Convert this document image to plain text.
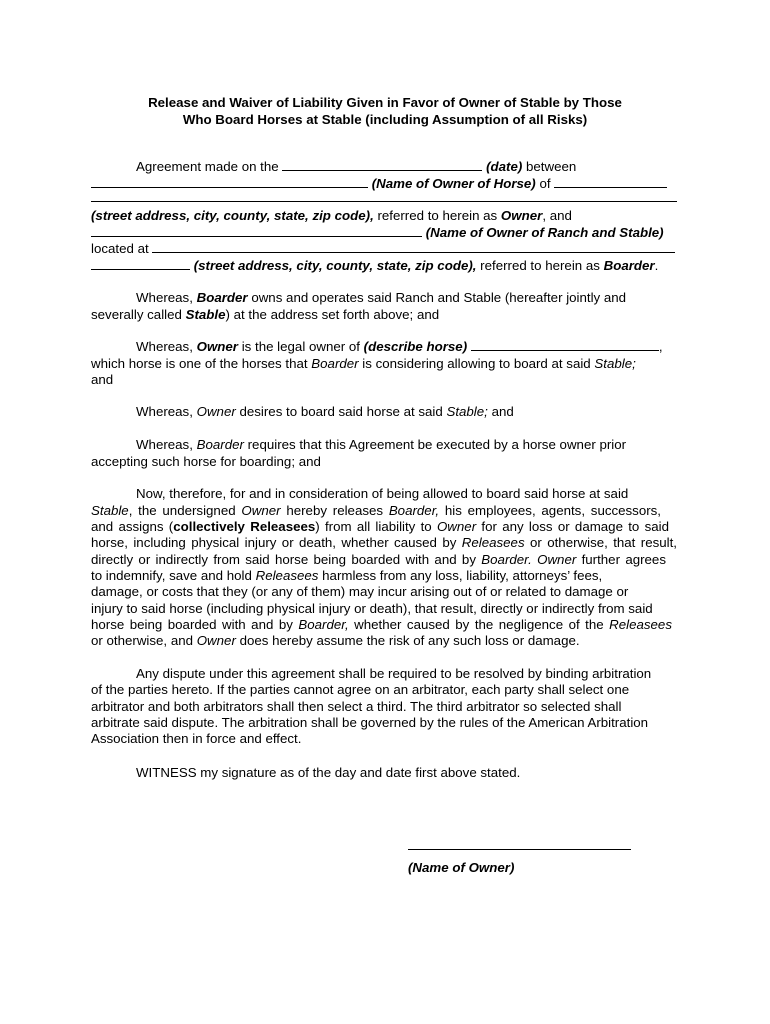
Release and Waiver of Liability Given in Favor of Owner of Stable by Those
Who Board Horses at Stable (including Assumption of all Risks)
Agreement made on the	(date) between
(Name of Owner of Horse) of
(street address, city, county, state, zip code), referred to herein as Owner, and
(Name of Owner of Ranch and Stable)
located at
(street address, city, county, state, zip code), referred to herein as Boarder.
Whereas, Boarder owns and operates said Ranch and Stable (hereafter jointly and
severally called Stable) at the address set forth above; and
Whereas, Owner is the legal owner of (describe horse)	,
which horse is one of the horses that Boarder is considering allowing to board at said Stable;
and
Whereas, Owner desires to board said horse at said Stable; and
Whereas, Boarder requires that this Agreement be executed by a horse owner prior
accepting such horse for boarding; and
Now, therefore, for and in consideration of being allowed to board said horse at said
Stable, the undersigned Owner hereby releases Boarder, his employees, agents, successors,
and assigns (collectively Releasees) from all liability to Owner for any loss or damage to said
horse, including physical injury or death, whether caused by Releasees or otherwise, that result,
directly or indirectly from said horse being boarded with and by Boarder. Owner further agrees
to indemnify, save and hold Releasees harmless from any loss, liability, attorneys’ fees,
damage, or costs that they (or any of them) may incur arising out of or related to damage or
injury to said horse (including physical injury or death), that result, directly or indirectly from said
horse being boarded with and by Boarder, whether caused by the negligence of the Releasees
or otherwise, and Owner does hereby assume the risk of any such loss or damage.
Any dispute under this agreement shall be required to be resolved by binding arbitration
of the parties hereto. If the parties cannot agree on an arbitrator, each party shall select one
arbitrator and both arbitrators shall then select a third. The third arbitrator so selected shall
arbitrate said dispute. The arbitration shall be governed by the rules of the American Arbitration
Association then in force and effect.
WITNESS my signature as of the day and date first above stated.
(Name of Owner)
